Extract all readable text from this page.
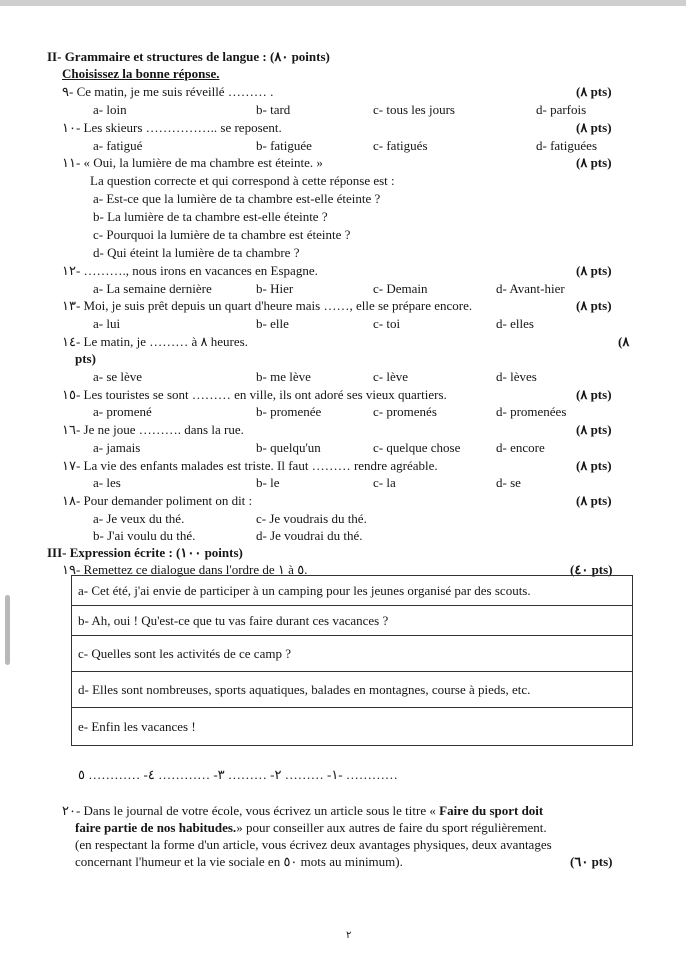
II- Grammaire et structures de langue : (٨٠ points)
Choisissez la bonne réponse.
٩- Ce matin, je me suis réveillé ……… .	(٨ pts)
a- loin	b- tard	c- tous les jours	d- parfois
١٠- Les skieurs …………….. se reposent.	(٨ pts)
a- fatigué	b- fatiguée	c- fatigués	d- fatiguées
١١- « Oui, la lumière de ma chambre est éteinte. »	(٨ pts)
La question correcte et qui correspond à cette réponse est :
a- Est-ce que la lumière de ta chambre est-elle éteinte ?
b- La lumière de ta chambre est-elle éteinte ?
c- Pourquoi la lumière de ta chambre est éteinte ?
d- Qui éteint la lumière de ta chambre ?
١٢- ………., nous irons en vacances en Espagne.	(٨ pts)
a- La semaine dernière	b- Hier	c- Demain	d- Avant-hier
١٣- Moi, je suis prêt depuis un quart d'heure mais ……, elle se prépare encore.	(٨ pts)
a- lui	b- elle	c- toi	d- elles
١٤- Le matin, je ……… à ٨ heures.	(٨
pts)
a- se lève	b- me lève	c- lève	d- lèves
١٥- Les touristes se sont ……… en ville, ils ont adoré ses vieux quartiers.	(٨ pts)
a- promené	b- promenée	c- promenés	d- promenées
١٦- Je ne joue ………. dans la rue.	(٨ pts)
a- jamais	b- quelqu'un	c- quelque chose	d- encore
١٧- La vie des enfants malades est triste. Il faut ……… rendre agréable.	(٨ pts)
a- les	b- le	c- la	d- se
١٨- Pour demander poliment on dit :	(٨ pts)
a- Je veux du thé.	c- Je voudrais du thé.
b- J'ai voulu du thé.	d- Je voudrai du thé.
III- Expression écrite : (١٠٠ points)
١٩- Remettez ce dialogue dans l'ordre de ١ à ٥.	(٤٠ pts)
a- Cet été, j'ai envie de participer à un camping pour les jeunes organisé par des scouts.
b- Ah, oui ! Qu'est-ce que tu vas faire durant ces vacances ?
c- Quelles sont les activités de ce camp ?
d- Elles sont nombreuses, sports aquatiques, balades en montagnes, course à pieds, etc.
e- Enfin les vacances !
١- ……… ٢- ……… ٣- ………… ٤- ………… ٥- …………
٢٠- Dans le journal de votre école, vous écrivez un article sous le titre « Faire du sport doit
faire partie de nos habitudes.» pour conseiller aux autres de faire du sport régulièrement.
(en respectant la forme d'un article, vous écrivez deux avantages physiques, deux avantages
concernant l'humeur et la vie sociale en ٥٠ mots au minimum).	(٦٠ pts)
٢
